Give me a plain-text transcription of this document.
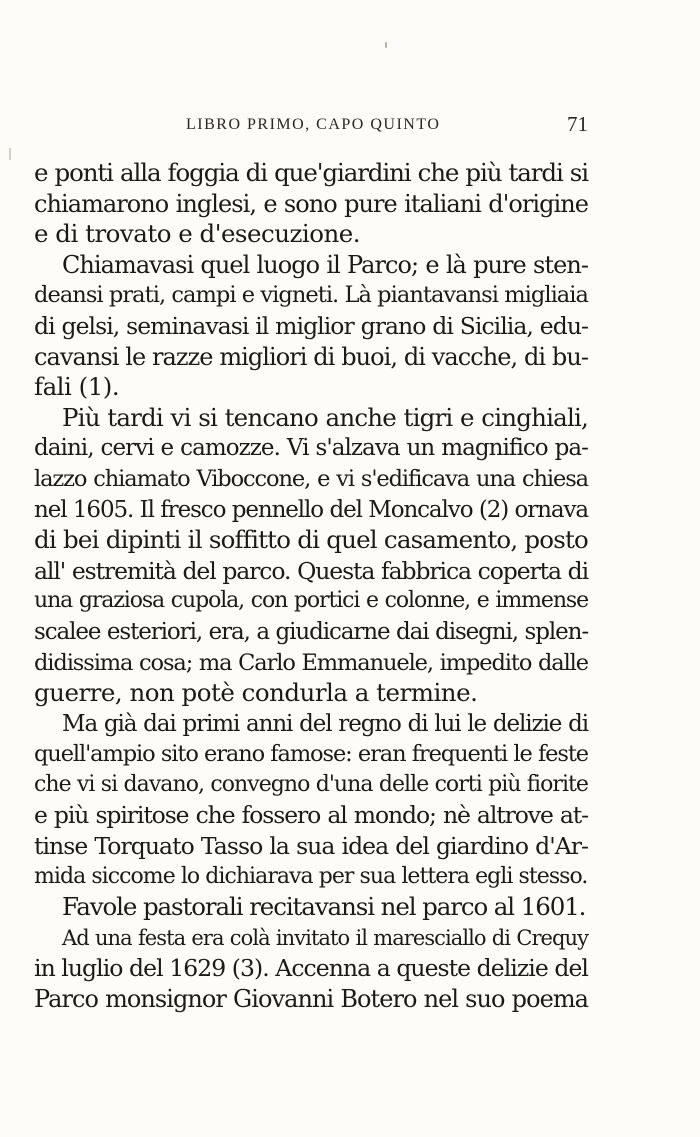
LIBRO PRIMO, CAPO QUINTO	71
e ponti alla foggia di que'giardini che più tardi si
chiamarono inglesi, e sono pure italiani d'origine
e di trovato e d'esecuzione.
Chiamavasi quel luogo il Parco; e là pure sten-
deansi prati, campi e vigneti. Là piantavansi migliaia
di gelsi, seminavasi il miglior grano di Sicilia, edu-
cavansi le razze migliori di buoi, di vacche, di bu-
fali (1).
Più tardi vi si tencano anche tigri e cinghiali,
daini, cervi e camozze. Vi s'alzava un magnifico pa-
lazzo chiamato Viboccone, e vi s'edificava una chiesa
nel 1605. Il fresco pennello del Moncalvo (2) ornava
di bei dipinti il soffitto di quel casamento, posto
all' estremità del parco. Questa fabbrica coperta di
una graziosa cupola, con portici e colonne, e immense
scalee esteriori, era, a giudicarne dai disegni, splen-
didissima cosa; ma Carlo Emmanuele, impedito dalle
guerre, non potè condurla a termine.
Ma già dai primi anni del regno di lui le delizie di
quell'ampio sito erano famose: eran frequenti le feste
che vi si davano, convegno d'una delle corti più fiorite
e più spiritose che fossero al mondo; nè altrove at-
tinse Torquato Tasso la sua idea del giardino d'Ar-
mida siccome lo dichiarava per sua lettera egli stesso.
Favole pastorali recitavansi nel parco al 1601.
Ad una festa era colà invitato il maresciallo di Crequy
in luglio del 1629 (3). Accenna a queste delizie del
Parco monsignor Giovanni Botero nel suo poema
